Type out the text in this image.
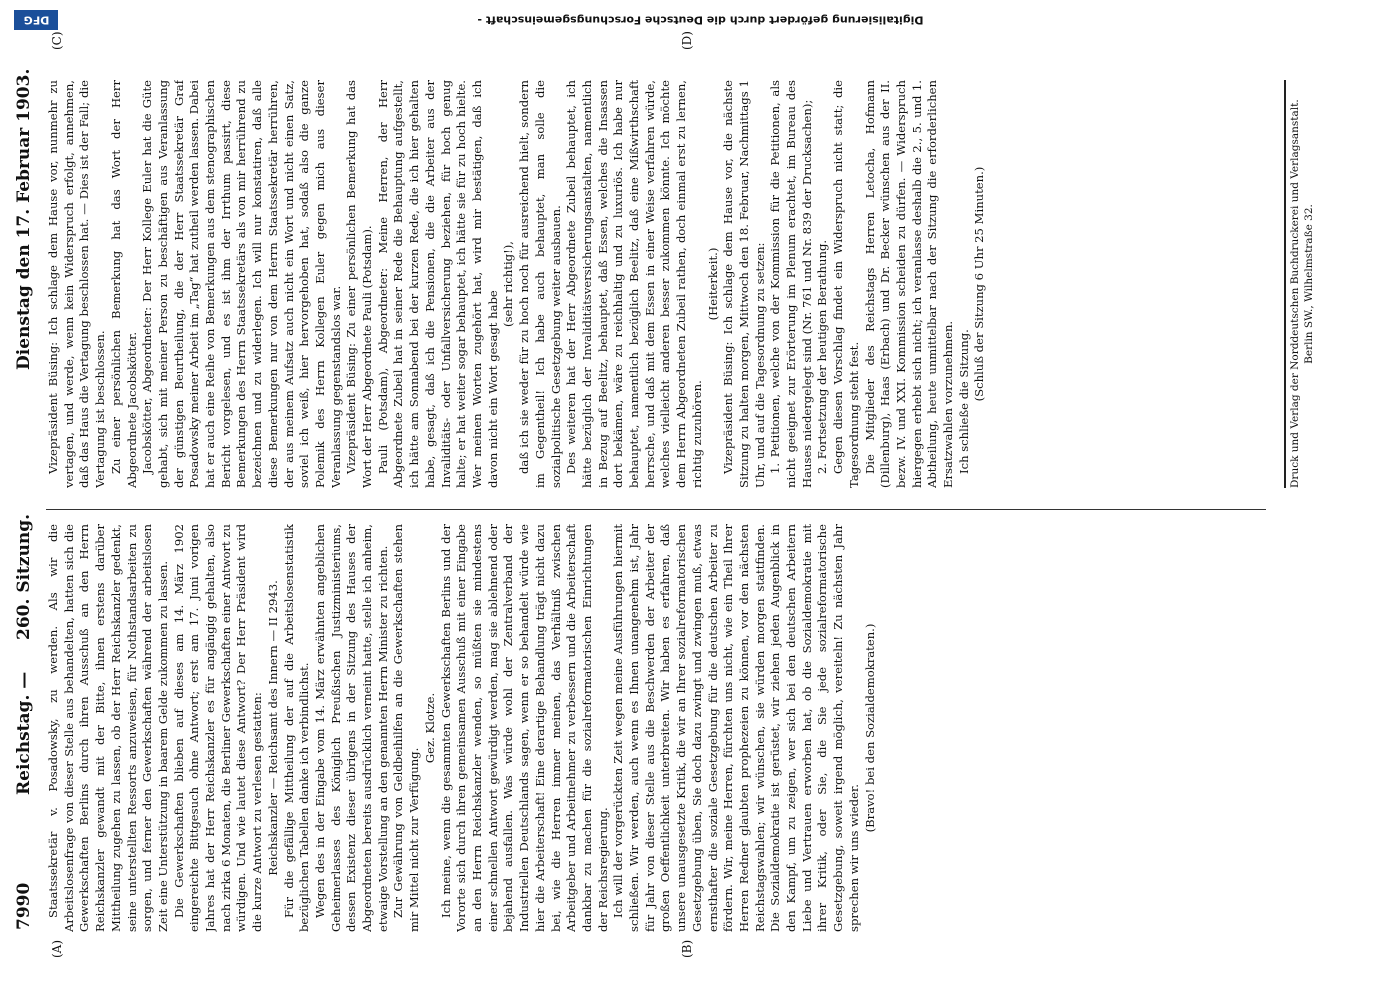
7990
Reichstag. —
260. Sitzung.
Dienstag den 17. Februar 1903.
(A)	(B)
(C)	(D)

Staatssekretär v. Posadowsky, zu werden. Als wir die Arbeitslosenfrage von dieser Stelle aus behandelten, hatten sich die Gewerkschaften Berlins durch ihren Ausschuß an den Herrn Reichskanzler gewandt mit der Bitte, ihnen erstens darüber Mittheilung zugehen zu lassen, ob der Herr Reichskanzler gedenkt, seine unterstellten Ressorts anzuweisen, für Nothstandsarbeiten zu sorgen, und ferner den Gewerkschaften während der arbeitslosen Zeit eine Unterstützung in baarem Gelde zukommen zu lassen. Die Gewerkschaften blieben auf dieses am 14. März 1902 eingereichte Bittgesuch ohne Antwort; erst am 17. Juni vorigen Jahres hat der Herr Reichskanzler es für angängig gehalten, also nach zirka 6 Monaten, die Berliner Gewerkschaften einer Antwort zu würdigen. Und wie lautet diese Antwort? Der Herr Präsident wird die kurze Antwort zu verlesen gestatten: Reichskanzler — Reichsamt des Innern — II 2943. Für die gefällige Mittheilung der auf die Arbeitslosenstatistik bezüglichen Tabellen danke ich verbindlichst. Wegen des in der Eingabe vom 14. März erwähnten angeblichen Geheimerlasses des Königlich Preußischen Justizministeriums, dessen Existenz dieser übrigens in der Sitzung des Hauses der Abgeordneten bereits ausdrücklich verneint hatte, stelle ich anheim, etwaige Vorstellung an den genannten Herrn Minister zu richten. Zur Gewährung von Geldbeihilfen an die Gewerkschaften stehen mir Mittel nicht zur Verfügung.

Gez. Klotze. Ich meine, wenn die gesammten Gewerkschaften Berlins und der Vororte sich durch ihren gemeinsamen Ausschuß mit einer Eingabe an den Herrn Reichskanzler wenden, so müßten sie mindestens einer schnellen Antwort gewürdigt werden, mag sie ablehnend oder bejahend ausfallen. Was würde wohl der Zentralverband der Industriellen Deutschlands sagen, wenn er so behandelt würde wie hier die Arbeiterschaft! Eine derartige Behandlung trägt nicht dazu bei, wie die Herren immer meinen, das Verhältniß zwischen Arbeitgeber und Arbeitnehmer zu verbessern und die Arbeiterschaft dankbar zu machen für die sozialreformatorischen Einrichtungen der Reichsregierung. Ich will der vorgerückten Zeit wegen meine Ausführungen hiermit schließen. Wir werden, auch wenn es Ihnen unangenehm ist, Jahr für Jahr von dieser Stelle aus die Beschwerden der Arbeiter der großen Oeffentlichkeit unterbreiten. Wir haben es erfahren, daß unsere unausgesetzte Kritik, die wir an Ihrer sozialreformatorischen Gesetzgebung üben, Sie doch dazu zwingt und zwingen muß, etwas ernsthafter die soziale Gesetzgebung für die deutschen Arbeiter zu fördern. Wir, meine Herren, fürchten uns nicht, wie ein Theil Ihrer Herren Redner glaubten prophezeien zu können, vor den nächsten Reichstagswahlen; wir wünschen, sie würden morgen stattfinden. Die Sozialdemokratie ist gerüstet, wir ziehen jeden Augenblick in den Kampf, um zu zeigen, wer sich bei den deutschen Arbeitern Liebe und Vertrauen erworben hat, ob die Sozialdemokratie mit ihrer Kritik, oder Sie, die Sie jede sozialreformatorische Gesetzgebung, soweit irgend möglich, vereiteln! Zu nächsten Jahr sprechen wir uns wieder.

(Bravo! bei den Sozialdemokraten.)

Vizepräsident Büsing: Ich schlage dem Hause vor, nunmehr zu vertagen, und werde, wenn kein Widerspruch erfolgt, annehmen, daß das Haus die Vertagung beschlossen hat. — Dies ist der Fall; die Vertagung ist beschlossen. Zu einer persönlichen Bemerkung hat das Wort der Herr Abgeordnete Jacobskötter. Jacobskötter, Abgeordneter: Der Herr Kollege Euler hat die Güte gehabt, sich mit meiner Person zu beschäftigen aus Veranlassung der günstigen Beurtheilung, die der Herr Staatssekretär Graf Posadowsky meiner Arbeit im „Tag“ hat zutheil werden lassen. Dabei hat er auch eine Reihe von Bemerkungen aus dem stenographischen Bericht vorgelesen, und es ist ihm der Irrthum passirt, diese Bemerkungen des Herrn Staatssekretärs als von mir herrührend zu bezeichnen und zu widerlegen. Ich will nur konstatiren, daß alle diese Bemerkungen nur von dem Herrn Staatssekretär herrühren, der aus meinem Aufsatz auch nicht ein Wort und nicht einen Satz, soviel ich weiß, hier hervorgehoben hat, sodaß also die ganze Polemik des Herrn Kollegen Euler gegen mich aus dieser Veranlassung gegenstandslos war. Vizepräsident Büsing: Zu einer persönlichen Bemerkung hat das Wort der Herr Abgeordnete Pauli (Potsdam). Pauli (Potsdam), Abgeordneter: Meine Herren, der Herr Abgeordnete Zubeil hat in seiner Rede die Behauptung aufgestellt, ich hätte am Sonnabend bei der kurzen Rede, die ich hier gehalten habe, gesagt, daß ich die Pensionen, die die Arbeiter aus der Invaliditäts- oder Unfallversicherung beziehen, für hoch genug halte; er hat weiter sogar behauptet, ich hätte sie für zu hoch hielte. Wer meinen Worten zugehört hat, wird mir bestätigen, daß ich davon nicht ein Wort gesagt habe

(sehr richtig!), daß ich sie weder für zu hoch noch für ausreichend hielt, sondern im Gegentheil! Ich habe auch behauptet, man solle die sozialpolitische Gesetzgebung weiter ausbauen. Des weiteren hat der Herr Abgeordnete Zubeil behauptet, ich hätte bezüglich der Invaliditätsversicherungsanstalten, namentlich in Bezug auf Beelitz, behauptet, daß Essen, welches die Insassen dort bekämen, wäre zu reichhaltig und zu luxuriös. Ich habe nur behauptet, namentlich bezüglich Beelitz, daß eine Mißwirthschaft herrsche, und daß mit dem Essen in einer Weise verfahren würde, welches vielleicht anderen besser zukommen könnte. Ich möchte dem Herrn Abgeordneten Zubeil rathen, doch einmal erst zu lernen, richtig zuzuhören.

(Heiterkeit.) Vizepräsident Büsing: Ich schlage dem Hause vor, die nächste Sitzung zu halten morgen, Mittwoch den 18. Februar, Nachmittags 1 Uhr, und auf die Tagesordnung zu setzen: 1. Petitionen, welche von der Kommission für die Petitionen, als nicht geeignet zur Erörterung im Plenum erachtet, im Bureau des Hauses niedergelegt sind (Nr. 761 und Nr. 839 der Drucksachen); 2. Fortsetzung der heutigen Berathung. Gegen diesen Vorschlag findet ein Widerspruch nicht statt; die Tagesordnung steht fest. Die Mitglieder des Reichstags Herren Letocha, Hofmann (Dillenburg), Haas (Erbach) und Dr. Becker wünschen aus der II. bezw. IV. und XXI. Kommission scheiden zu dürfen. — Widerspruch hiergegen erhebt sich nicht; ich veranlasse deshalb die 2., 5. und 1. Abtheilung, heute unmittelbar nach der Sitzung die erforderlichen Ersatzwahlen vorzunehmen. Ich schließe die Sitzung.

(Schluß der Sitzung 6 Uhr 25 Minuten.)	Druck und Verlag der Norddeutschen Buchdruckerei und Verlagsanstalt. Berlin SW., Wilhelmstraße 32.

DFG	Digitalisierung gefördert durch die Deutsche Forschungsgemeinschaft -
